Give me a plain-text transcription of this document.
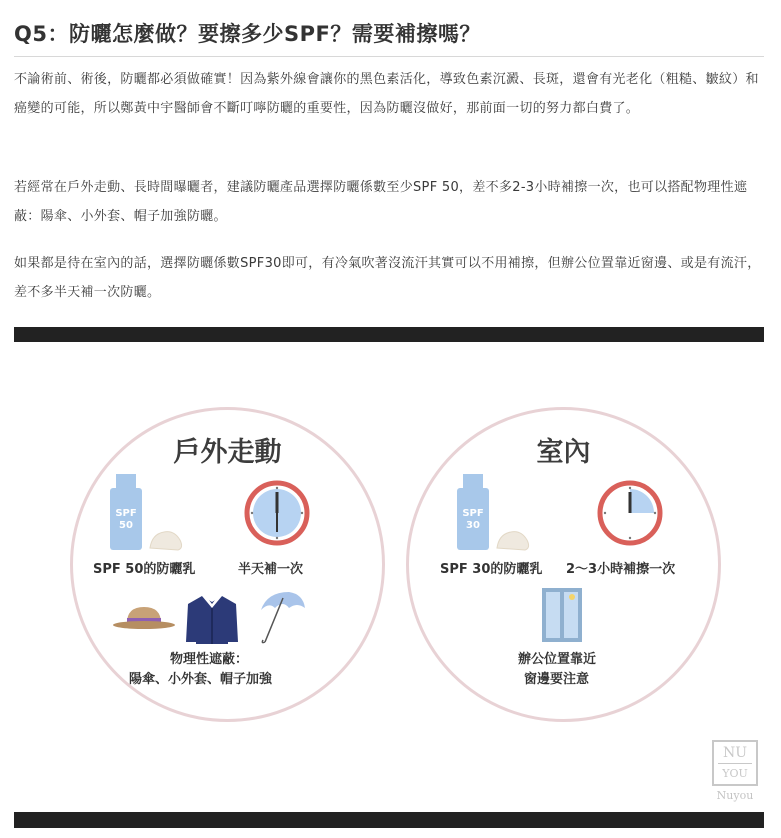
Q5：防曬怎麼做？要擦多少SPF？需要補擦嗎？

不論術前、術後，防曬都必須做確實！因為紫外線會讓你的黑色素活化，導致色素沉澱、長斑，還會有光老化（粗糙、皺紋）和癌變的可能，所以鄭黃中宇醫師會不斷叮嚀防曬的重要性，因為防曬沒做好，那前面一切的努力都白費了。

若經常在戶外走動、長時間曝曬者，建議防曬產品選擇防曬係數至少SPF 50，差不多2-3小時補擦一次，也可以搭配物理性遮蔽：陽傘、小外套、帽子加強防曬。

如果都是待在室內的話，選擇防曬係數SPF30即可，有冷氣吹著沒流汗其實可以不用補擦，但辦公位置靠近窗邊、或是有流汗，差不多半天補一次防曬。

戶外走動
SPF
50
SPF 50的防曬乳	半天補一次
物理性遮蔽：
陽傘、小外套、帽子加強
室內
SPF
30
SPF 30的防曬乳 2～3小時補擦一次
辦公位置靠近
窗邊要注意
NU
YOU
Nuyou
